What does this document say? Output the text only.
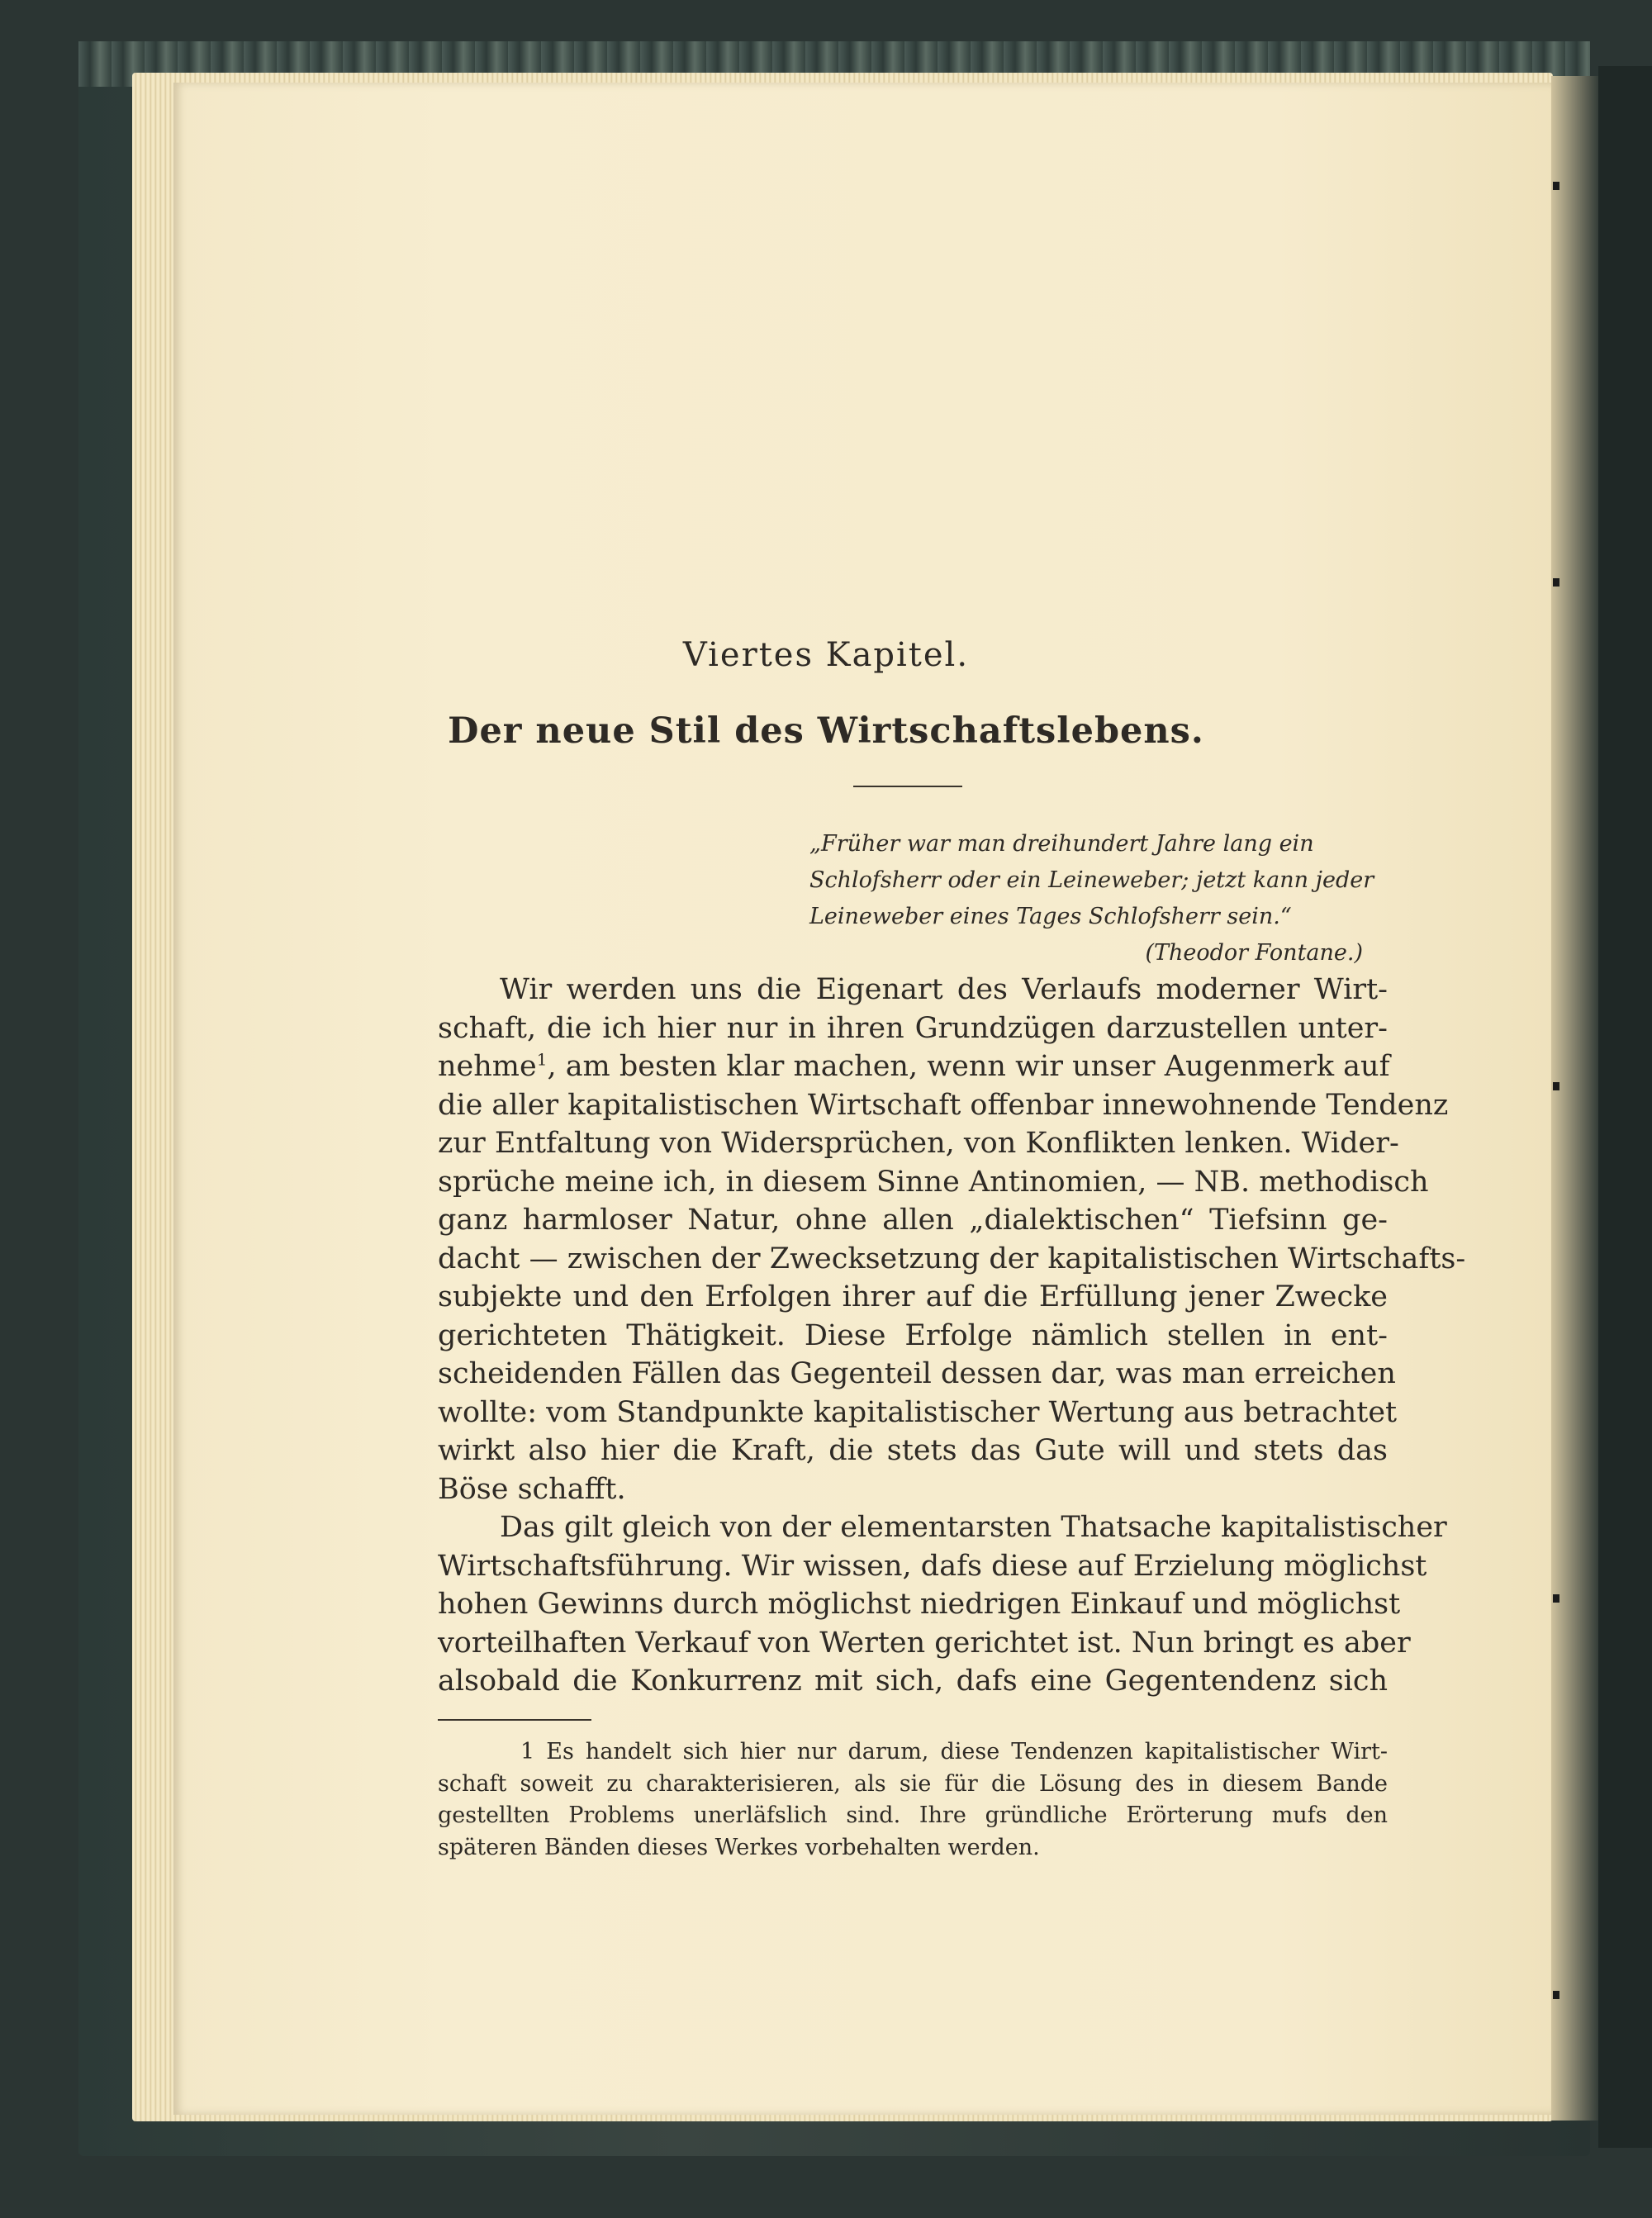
Viertes Kapitel.
Der neue Stil des Wirtschaftslebens.
„Früher war man dreihundert Jahre lang ein
Schlofsherr oder ein Leineweber; jetzt kann jeder
Leineweber eines Tages Schlofsherr sein.“
(Theodor Fontane.)
Wir werden uns die Eigenart des Verlaufs moderner Wirt-
schaft, die ich hier nur in ihren Grundzügen darzustellen unter-
nehme$^1$, am besten klar machen, wenn wir unser Augenmerk auf
die aller kapitalistischen Wirtschaft offenbar innewohnende Tendenz
zur Entfaltung von Widersprüchen, von Konflikten lenken. Wider-
sprüche meine ich, in diesem Sinne Antinomien, — NB. methodisch
ganz harmloser Natur, ohne allen „dialektischen“ Tiefsinn ge-
dacht — zwischen der Zwecksetzung der kapitalistischen Wirtschafts-
subjekte und den Erfolgen ihrer auf die Erfüllung jener Zwecke
gerichteten Thätigkeit. Diese Erfolge nämlich stellen in ent-
scheidenden Fällen das Gegenteil dessen dar, was man erreichen
wollte: vom Standpunkte kapitalistischer Wertung aus betrachtet
wirkt also hier die Kraft, die stets das Gute will und stets das
Böse schafft.
Das gilt gleich von der elementarsten Thatsache kapitalistischer
Wirtschaftsführung. Wir wissen, dafs diese auf Erzielung möglichst
hohen Gewinns durch möglichst niedrigen Einkauf und möglichst
vorteilhaften Verkauf von Werten gerichtet ist. Nun bringt es aber
alsobald die Konkurrenz mit sich, dafs eine Gegentendenz sich
1 Es handelt sich hier nur darum, diese Tendenzen kapitalistischer Wirt-
schaft soweit zu charakterisieren, als sie für die Lösung des in diesem Bande
gestellten Problems unerläfslich sind. Ihre gründliche Erörterung mufs den
späteren Bänden dieses Werkes vorbehalten werden.
